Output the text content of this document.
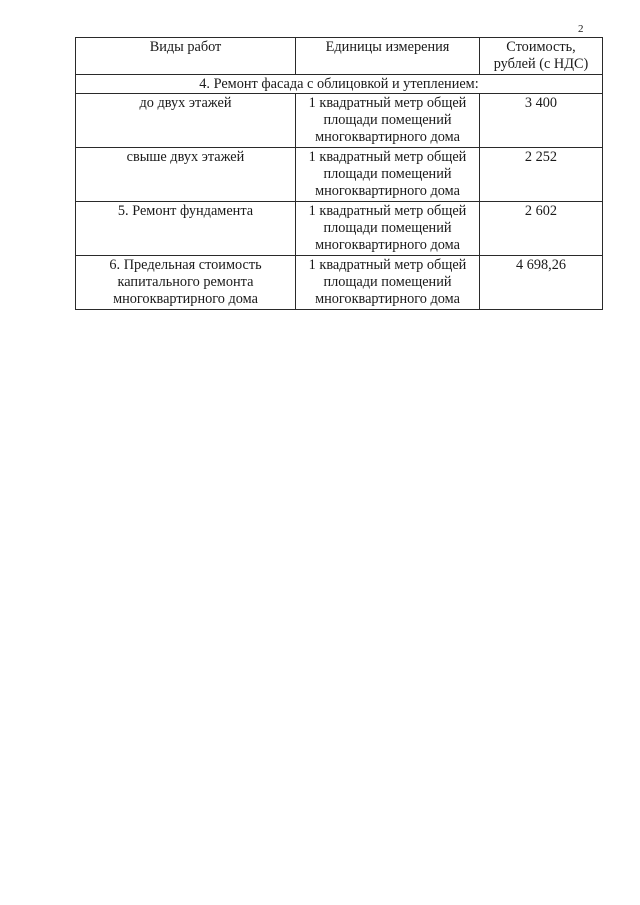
2
Виды работ	Единицы измерения	Стоимость,
рублей (с НДС)

4. Ремонт фасада с облицовкой и утеплением:		

до двух этажей	1 квадратный метр общей
площади помещений
многоквартирного дома	3 400

свыше двух этажей	1 квадратный метр общей
площади помещений
многоквартирного дома	2 252

5. Ремонт фундамента	1 квадратный метр общей
площади помещений
многоквартирного дома	2 602

6. Предельная стоимость
капитального ремонта
многоквартирного дома	1 квадратный метр общей
площади помещений
многоквартирного дома	4 698,26
